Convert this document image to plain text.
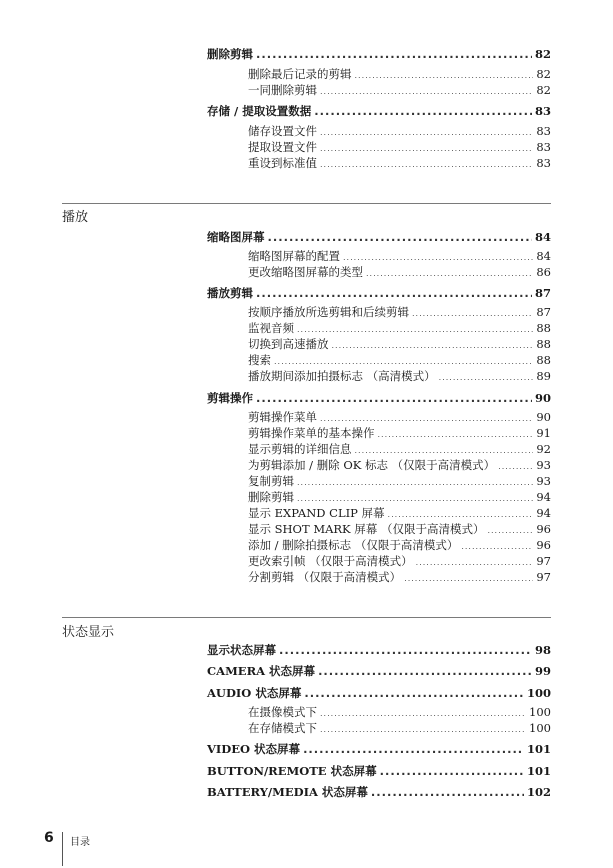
删除剪辑 .....	82
删除最后记录的剪辑 .....	82
一同删除剪辑 .....	82
存储 / 提取设置数据 .....	83
储存设置文件 .....	83
提取设置文件 .....	83
重设到标准值 .....	83
播放
缩略图屏幕 .....	84
缩略图屏幕的配置 .....	84
更改缩略图屏幕的类型 .....	86
播放剪辑 .....	87
按顺序播放所选剪辑和后续剪辑 .....	87
监视音频 .....	88
切换到高速播放 .....	88
搜索 .....	88
播放期间添加拍摄标志 （高清模式） .....	89
剪辑操作 .....	90
剪辑操作菜单 .....	90
剪辑操作菜单的基本操作 .....	91
显示剪辑的详细信息 .....	92
为剪辑添加 / 删除 OK 标志 （仅限于高清模式） .....	93
复制剪辑 .....	93
删除剪辑 .....	94
显示 EXPAND CLIP 屏幕 .....	94
显示 SHOT MARK 屏幕 （仅限于高清模式） .....	96
添加 / 删除拍摄标志 （仅限于高清模式） .....	96
更改索引帧 （仅限于高清模式） .....	97
分割剪辑 （仅限于高清模式） .....	97
状态显示
显示状态屏幕 .....	98
CAMERA 状态屏幕 .....	99
AUDIO 状态屏幕 .....	100
在摄像模式下 .....	100
在存储模式下 .....	100
VIDEO 状态屏幕 .....	101
BUTTON/REMOTE 状态屏幕 .....	101
BATTERY/MEDIA 状态屏幕 .....	102
6 目录
